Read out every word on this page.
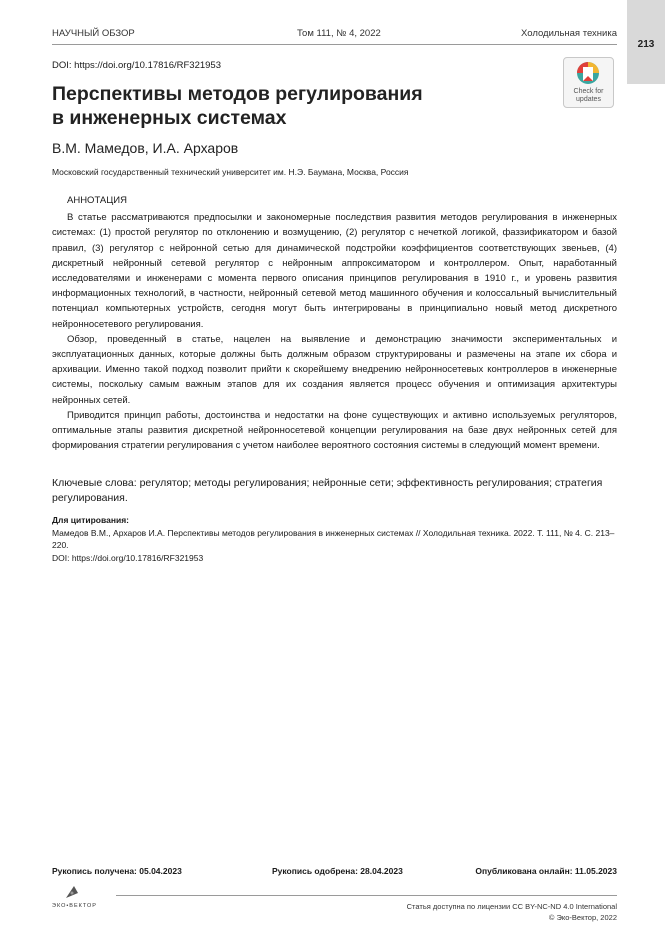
НАУЧНЫЙ ОБЗОР	Том 111, № 4, 2022	Холодильная техника
213
DOI: https://doi.org/10.17816/RF321953
Check for
updates
Перспективы методов регулирования
в инженерных системах
В.М. Мамедов, И.А. Архаров
Московский государственный технический университет им. Н.Э. Баумана, Москва, Россия
АННОТАЦИЯ

В статье рассматриваются предпосылки и закономерные последствия развития методов регулирования в инженерных системах: (1) простой регулятор по отклонению и возмущению, (2) регулятор с нечеткой логикой, фаззификатором и базой правил, (3) регулятор с нейронной сетью для динамической подстройки коэффициентов соответствующих звеньев, (4) дискретный нейронный сетевой регулятор с нейронным аппроксиматором и контроллером. Опыт, наработанный исследователями и инженерами с момента первого описания принципов регулирования в 1910 г., и уровень развития информационных технологий, в частности, нейронный сетевой метод машинного обучения и колоссальный вычислительный потенциал компьютерных устройств, сегодня могут быть интегрированы в принципиально новый метод дискретного нейронносетевого регулирования.

Обзор, проведенный в статье, нацелен на выявление и демонстрацию значимости экспериментальных и эксплуатационных данных, которые должны быть должным образом структурированы и размечены на этапе их сбора и архивации. Именно такой подход позволит прийти к скорейшему внедрению нейронносетевых контроллеров в инженерные системы, поскольку самым важным этапов для их создания является процесс обучения и оптимизация архитектуры нейронных сетей.

Приводится принцип работы, достоинства и недостатки на фоне существующих и активно используемых регуляторов, оптимальные этапы развития дискретной нейронносетевой концепции регулирования на базе двух нейронных сетей для формирования стратегии регулирования с учетом наиболее вероятного состояния системы в следующий момент времени.

Ключевые слова: регулятор; методы регулирования; нейронные сети; эффективность регулирования; стратегия регулирования.
Для цитирования:
Мамедов В.М., Архаров И.А. Перспективы методов регулирования в инженерных системах // Холодильная техника. 2022. Т. 111, № 4. С. 213–220.
DOI: https://doi.org/10.17816/RF321953
Рукопись получена: 05.04.2023	Рукопись одобрена: 28.04.2023	Опубликована онлайн: 11.05.2023
ЭКО•ВЕКТОР	Статья доступна по лицензии CC BY-NC-ND 4.0 International
© Эко-Вектор, 2022
